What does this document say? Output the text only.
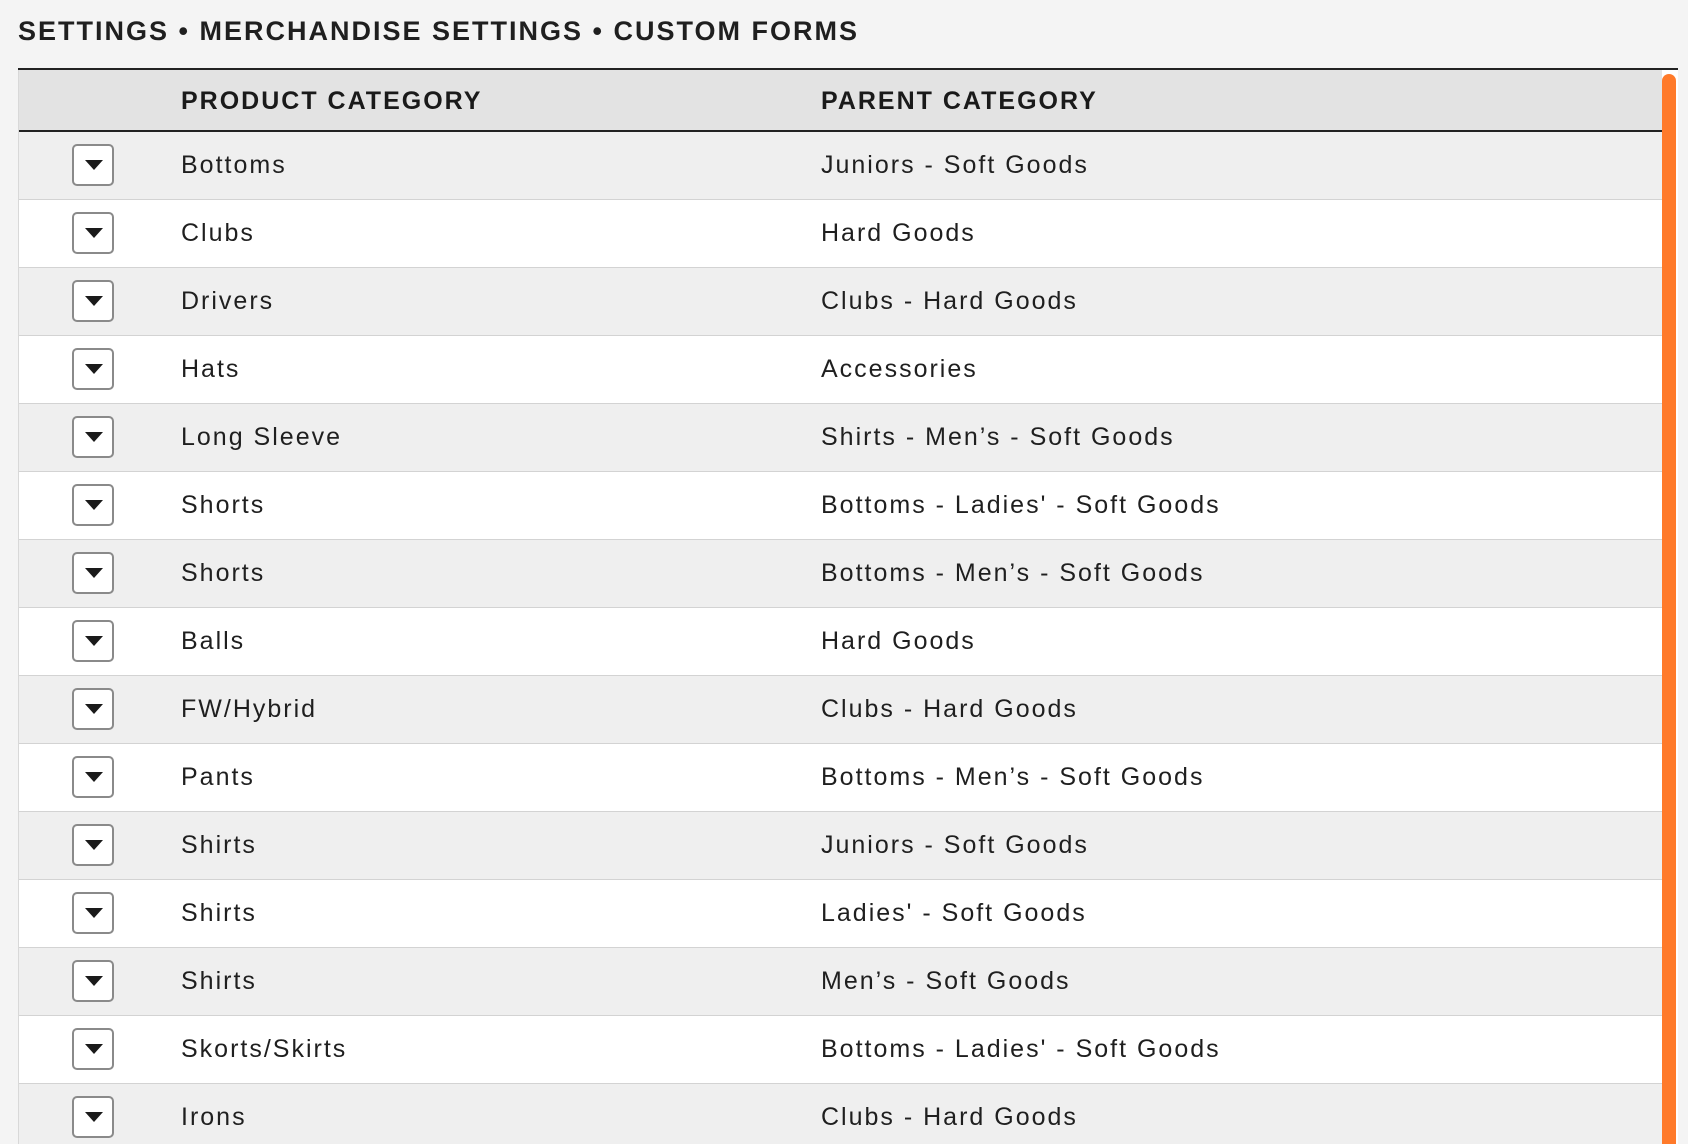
SETTINGS • MERCHANDISE SETTINGS • CUSTOM FORMS
PRODUCT CATEGORY	PARENT CATEGORY
Bottoms	Juniors - Soft Goods
Clubs	Hard Goods
Drivers	Clubs - Hard Goods
Hats	Accessories
Long Sleeve	Shirts - Men’s - Soft Goods
Shorts	Bottoms - Ladies' - Soft Goods
Shorts	Bottoms - Men’s - Soft Goods
Balls	Hard Goods
FW/Hybrid	Clubs - Hard Goods
Pants	Bottoms - Men’s - Soft Goods
Shirts	Juniors - Soft Goods
Shirts	Ladies' - Soft Goods
Shirts	Men’s - Soft Goods
Skorts/Skirts	Bottoms - Ladies' - Soft Goods
Irons	Clubs - Hard Goods
